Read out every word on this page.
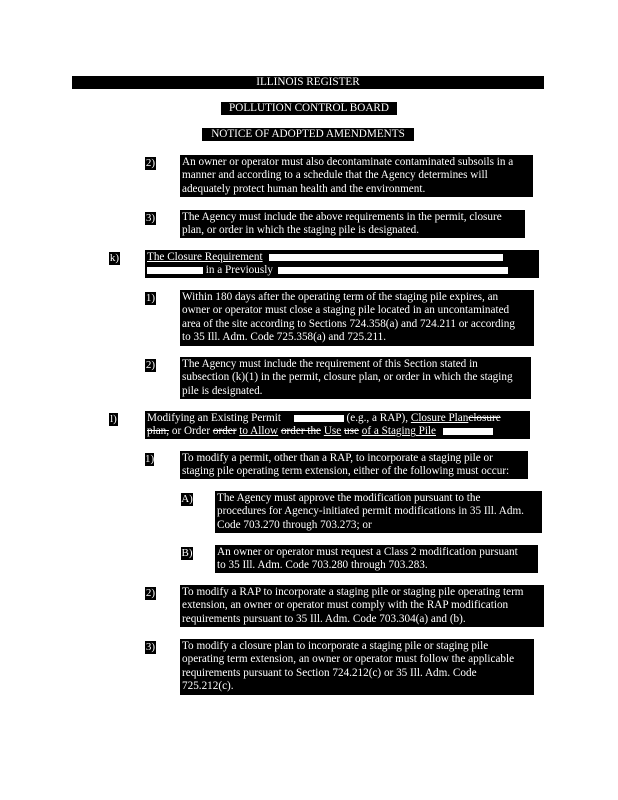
ILLINOIS REGISTER
POLLUTION CONTROL BOARD
NOTICE OF ADOPTED AMENDMENTS
2) An owner or operator must also decontaminate contaminated subsoils in a
manner and according to a schedule that the Agency determines will
adequately protect human health and the environment.
3) The Agency must include the above requirements in the permit, closure
plan, or order in which the staging pile is designated.
k) The Closure Requirement
in a Previously
1) Within 180 days after the operating term of the staging pile expires, an
owner or operator must close a staging pile located in an uncontaminated
area of the site according to Sections 724.358(a) and 724.211 or according
to 35 Ill. Adm. Code 725.358(a) and 725.211.
2) The Agency must include the requirement of this Section stated in
subsection (k)(1) in the permit, closure plan, or order in which the staging
pile is designated.
l)	Modifying an Existing Permit	(e.g., a RAP), Closure Planclosure
plan, or Order order to Allow order the Use use of a Staging Pile
1) To modify a permit, other than a RAP, to incorporate a staging pile or
staging pile operating term extension, either of the following must occur:
A) The Agency must approve the modification pursuant to the
procedures for Agency-initiated permit modifications in 35 Ill. Adm.
Code 703.270 through 703.273; or
B) An owner or operator must request a Class 2 modification pursuant
to 35 Ill. Adm. Code 703.280 through 703.283.
2) To modify a RAP to incorporate a staging pile or staging pile operating term
extension, an owner or operator must comply with the RAP modification
requirements pursuant to 35 Ill. Adm. Code 703.304(a) and (b).
3) To modify a closure plan to incorporate a staging pile or staging pile
operating term extension, an owner or operator must follow the applicable
requirements pursuant to Section 724.212(c) or 35 Ill. Adm. Code
725.212(c).
